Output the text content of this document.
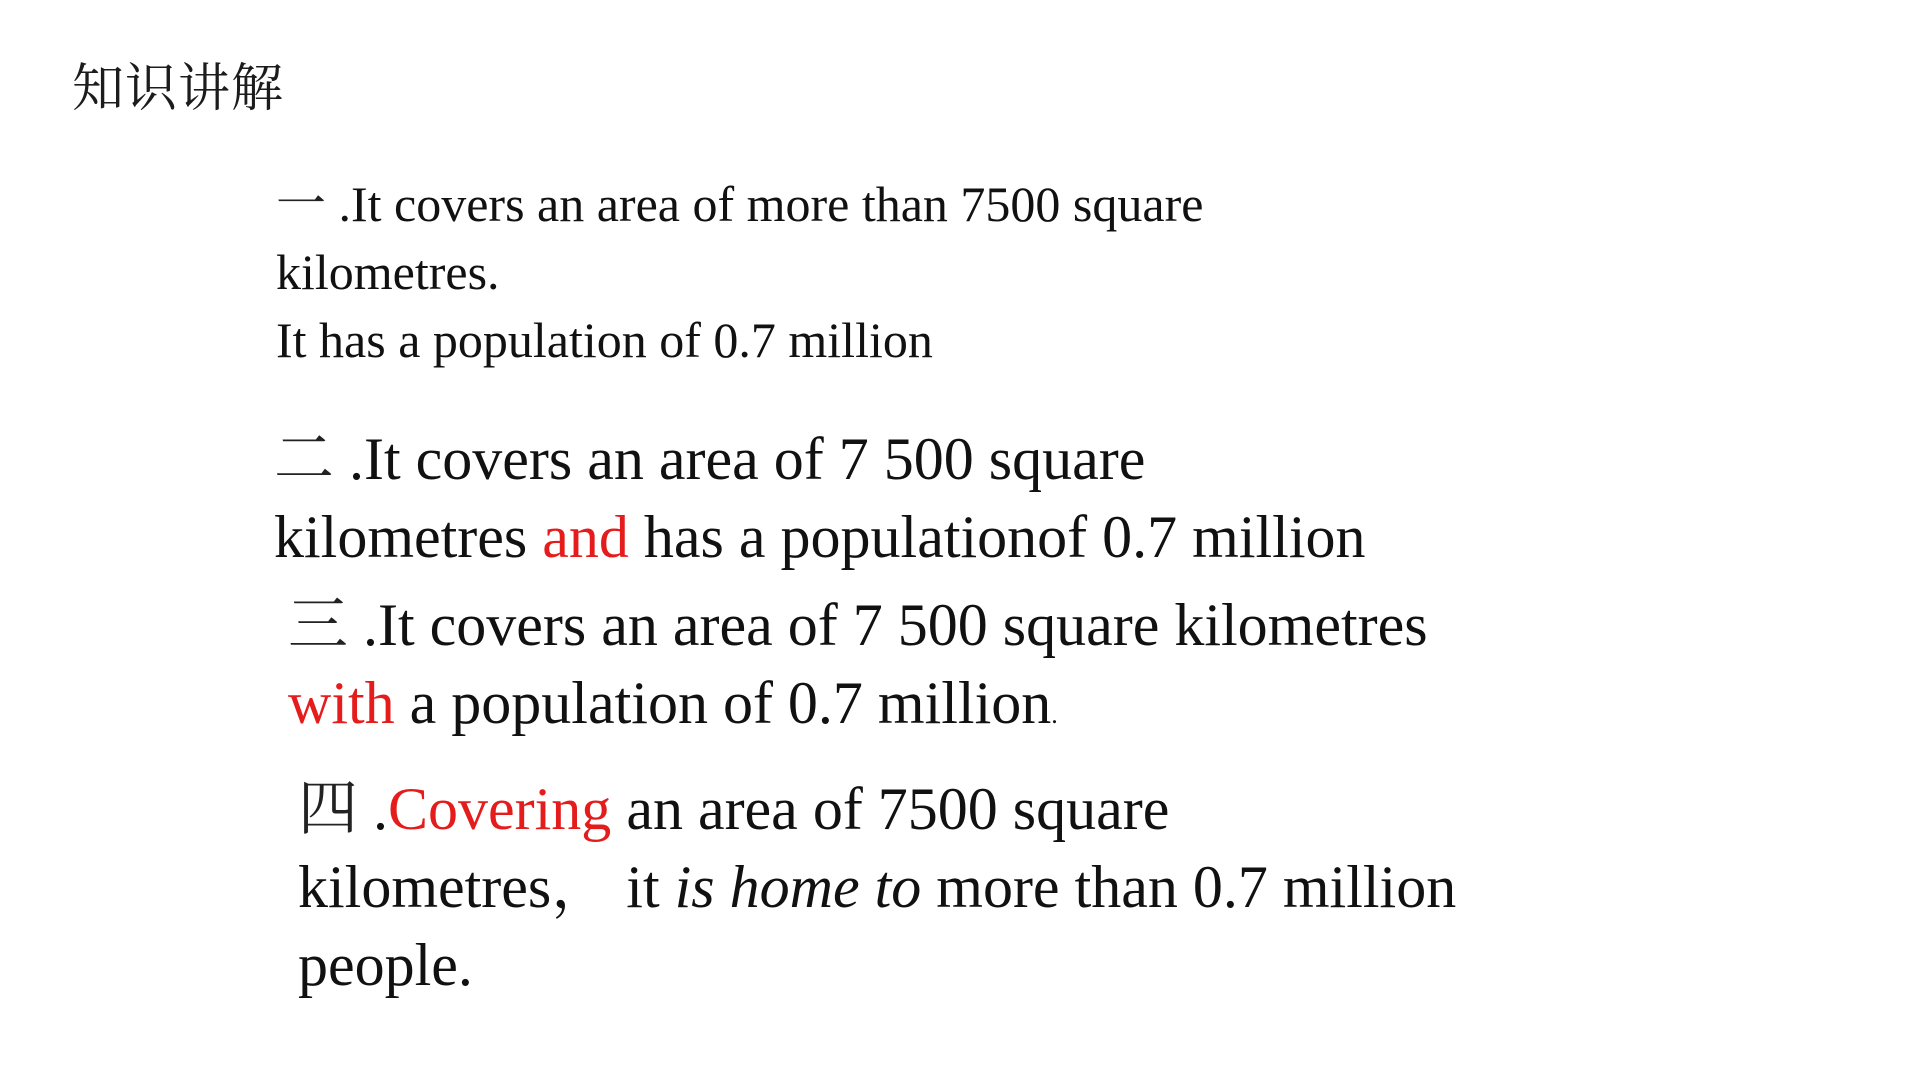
知识讲解
一 .It covers an area of more than 7500 square
kilometres.
It has a population of 0.7 million
二 .It covers an area of 7 500 square
kilometres and has a populationof 0.7 million
三 .It covers an area of 7 500 square kilometres
with a population of 0.7 million.
四 .Covering an area of 7500 square
kilometres， it is home to more than 0.7 million
people.
